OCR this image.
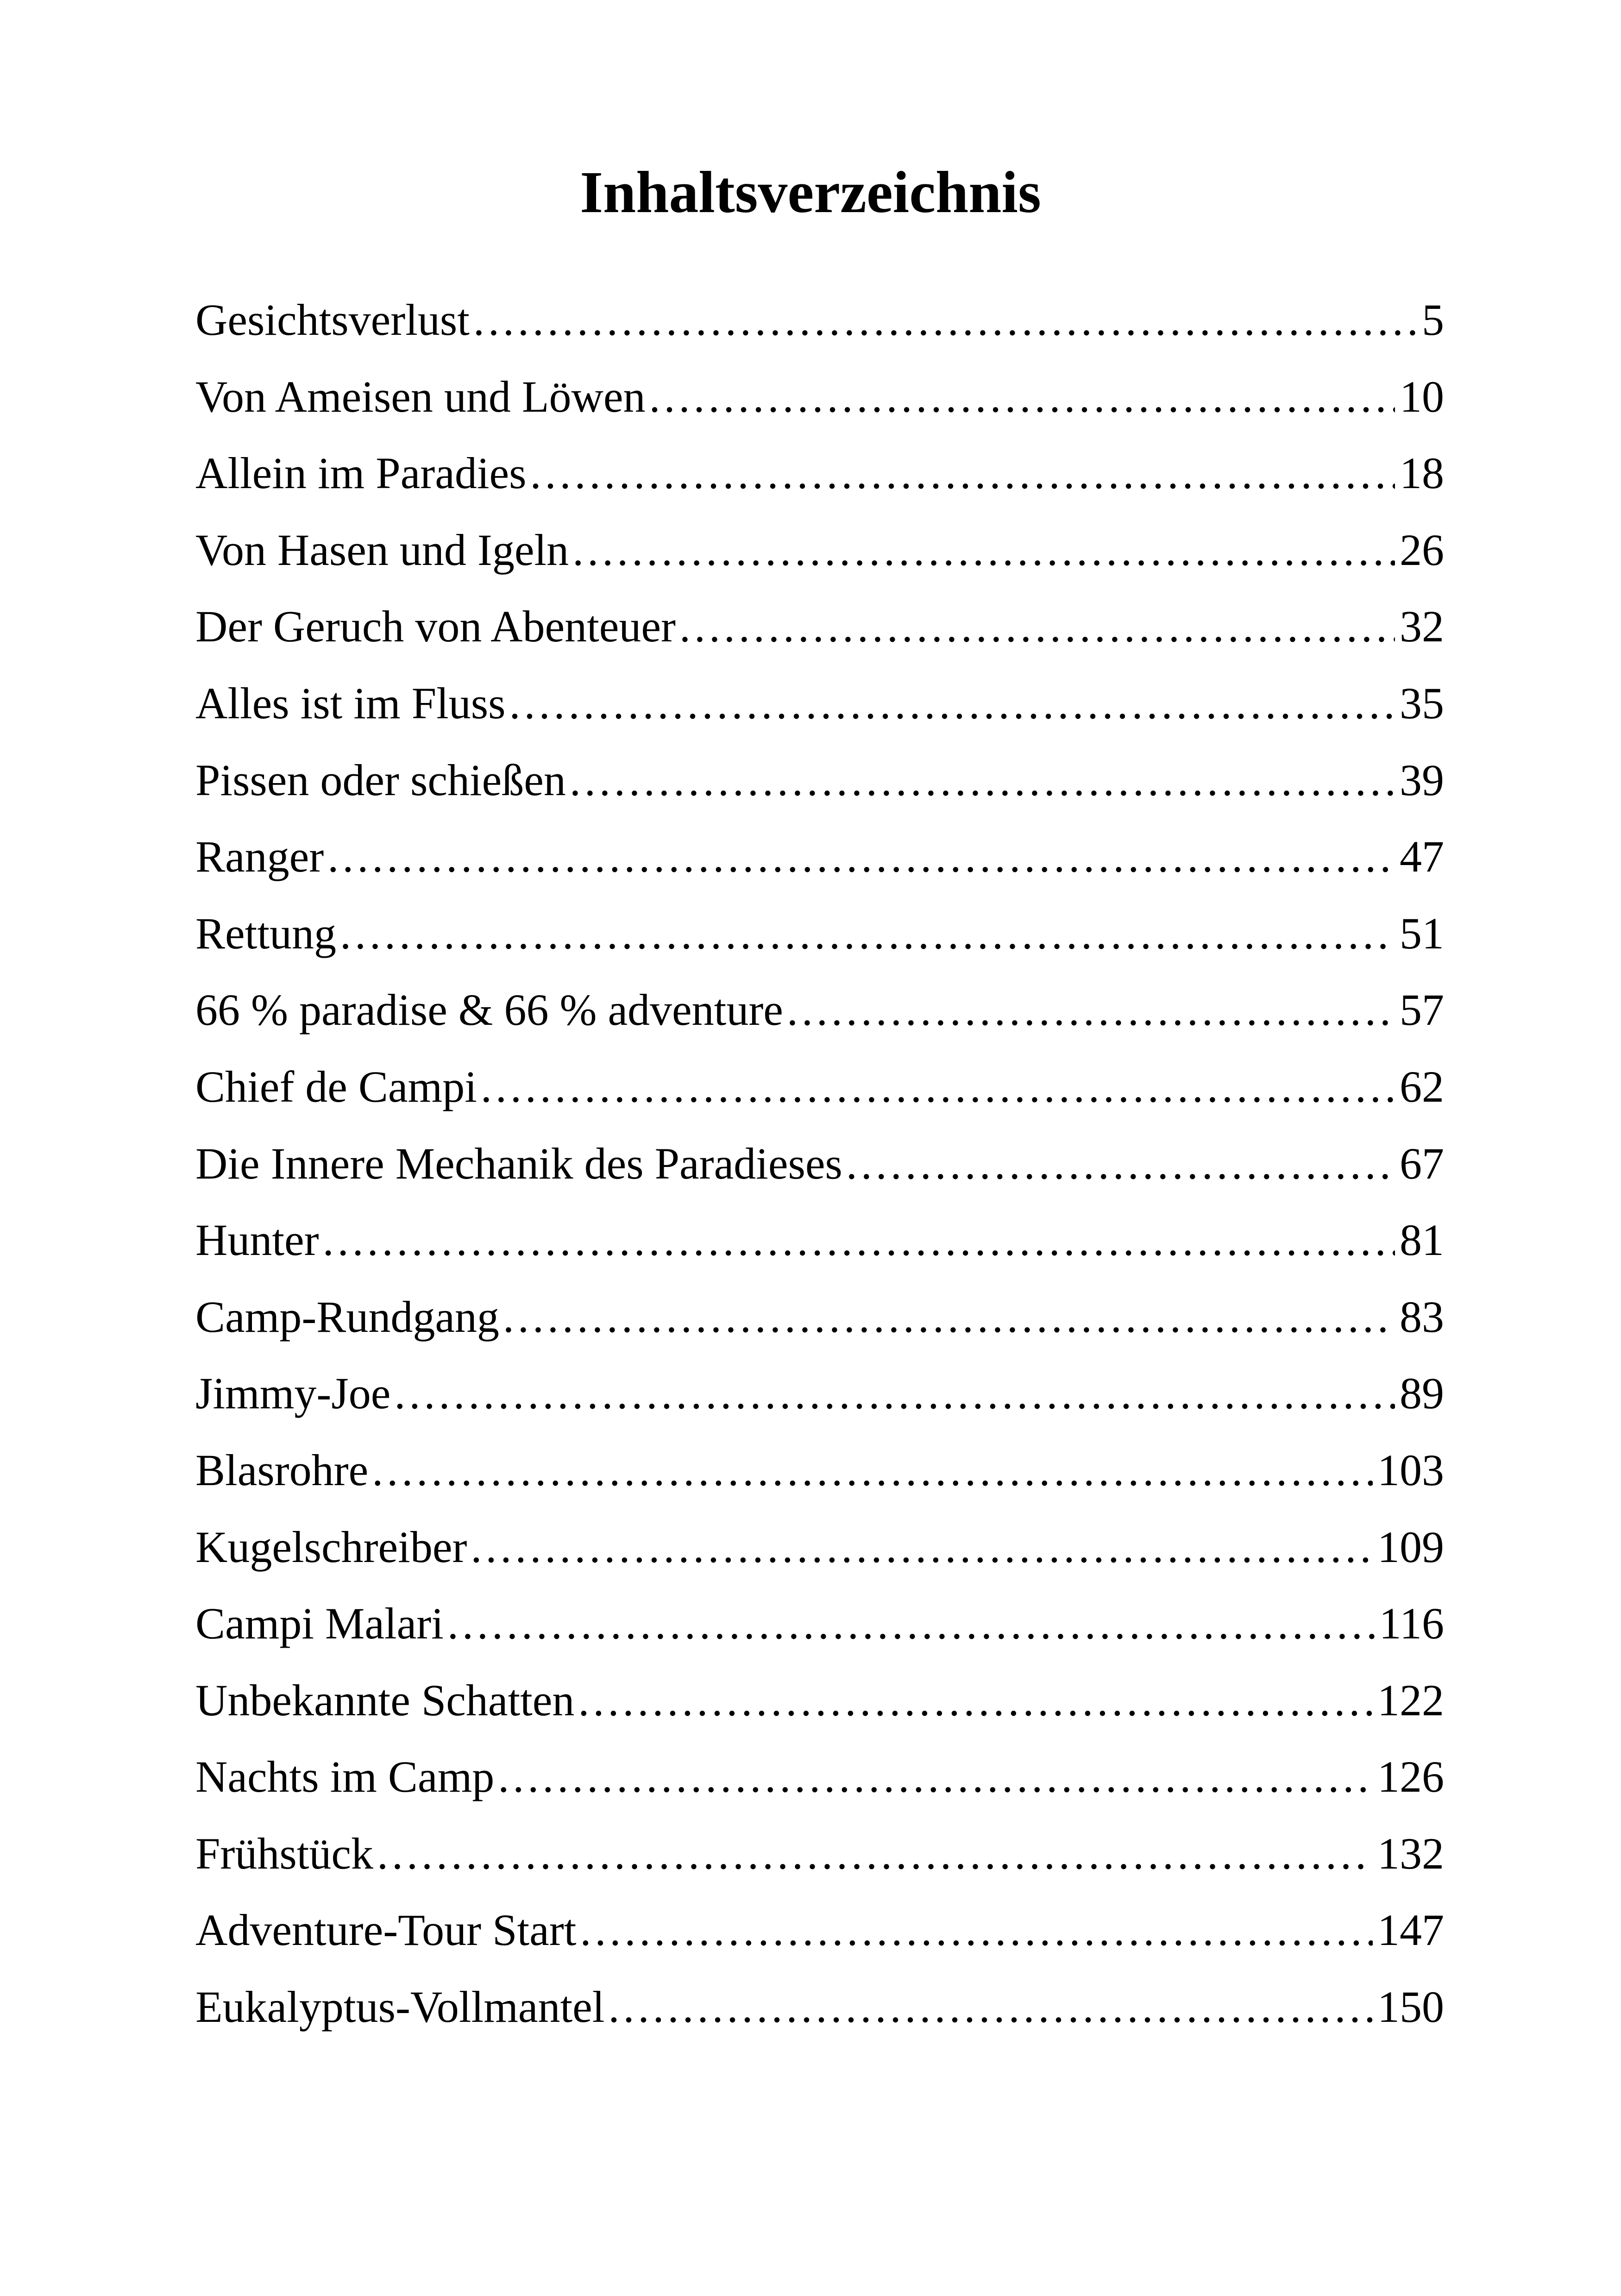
Inhaltsverzeichnis
Gesichtsverlust .....	5
Von Ameisen und Löwen .....	10
Allein im Paradies .....	18
Von Hasen und Igeln .....	26
Der Geruch von Abenteuer .....	32
Alles ist im Fluss .....	35
Pissen oder schießen .....	39
Ranger .....	47
Rettung .....	51
66 % paradise & 66 % adventure .....	57
Chief de Campi .....	62
Die Innere Mechanik des Paradieses .....	67
Hunter .....	81
Camp-Rundgang .....	83
Jimmy-Joe .....	89
Blasrohre .....	103
Kugelschreiber .....	109
Campi Malari .....	116
Unbekannte Schatten .....	122
Nachts im Camp .....	126
Frühstück .....	132
Adventure-Tour Start .....	147
Eukalyptus-Vollmantel .....	150
